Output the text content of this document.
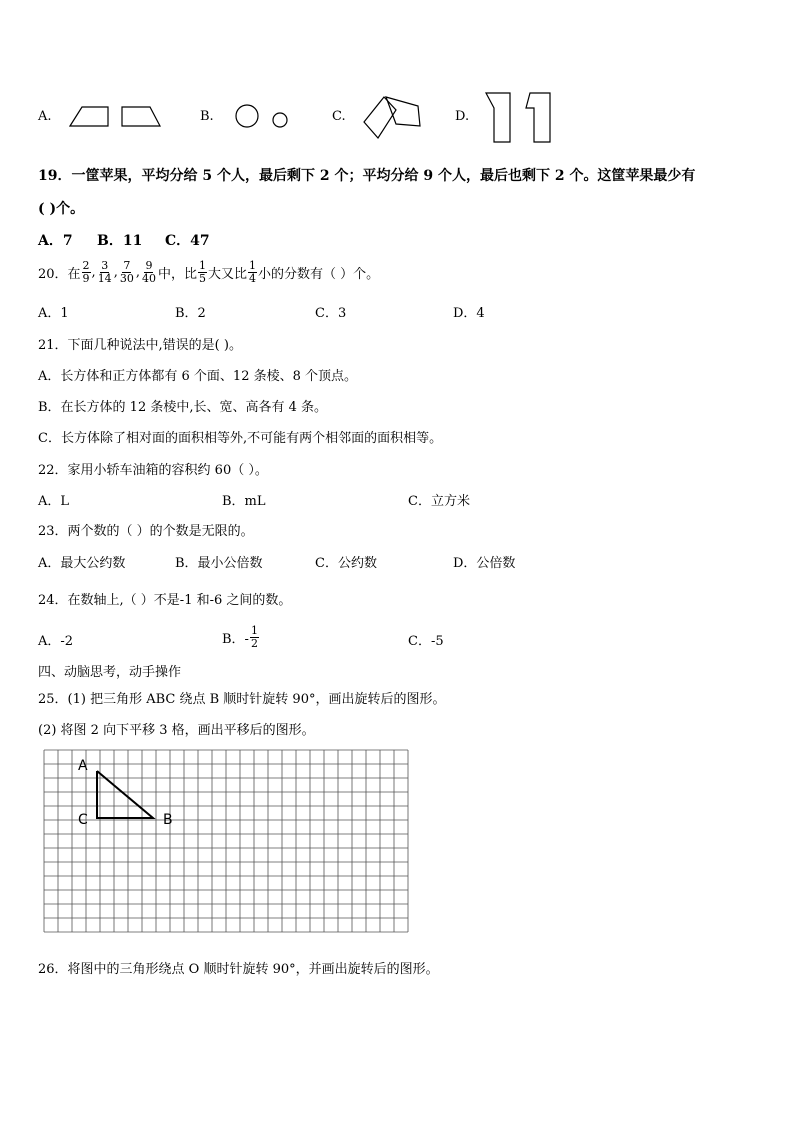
A.	B.	C.	D.
19．一筐苹果，平均分给 5 个人，最后剩下 2 个；平均分给 9 个人，最后也剩下 2 个。这筐苹果最少有
( )个。
A．7 B．11 C．47
20．在 $\frac{2}{9}$ , $\frac{3}{14}$ , $\frac{7}{30}$ , $\frac{9}{40}$ 中，比 $\frac{1}{5}$ 大又比 $\frac{1}{4}$ 小的分数有（ ）个。
A．1	B．2	C．3	D．4
21．下面几种说法中,错误的是( )。
A．长方体和正方体都有 6 个面、12 条棱、8 个顶点。
B．在长方体的 12 条棱中,长、宽、高各有 4 条。
C．长方体除了相对面的面积相等外,不可能有两个相邻面的面积相等。
22．家用小轿车油箱的容积约 60（ ）。
A．L	B．mL	C．立方米
23．两个数的（ ）的个数是无限的。
A．最大公约数	B．最小公倍数	C．公约数	D．公倍数
24．在数轴上,（ ）不是-1 和-6 之间的数。
A．-2	B．- $\frac{1}{2}$	C．-5
四、动脑思考，动手操作
25．(1) 把三角形 ABC 绕点 B 顺时针旋转 90°，画出旋转后的图形。
(2) 将图 2 向下平移 3 格，画出平移后的图形。
A
C	B
26．将图中的三角形绕点 O 顺时针旋转 90°，并画出旋转后的图形。
